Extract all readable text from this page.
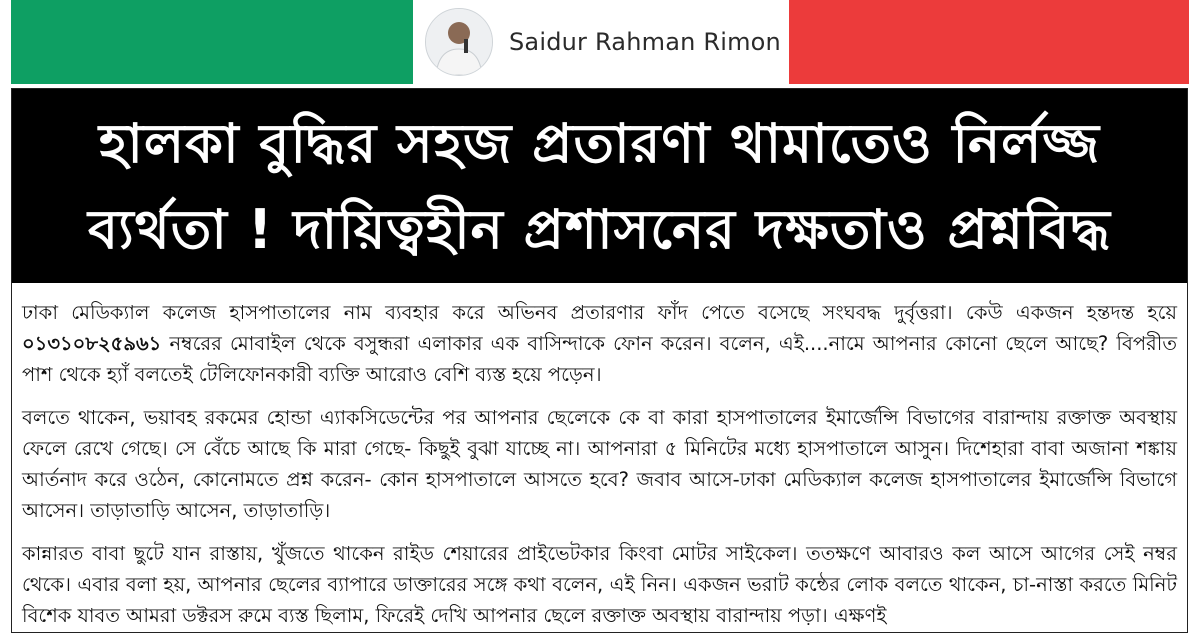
Saidur Rahman Rimon
হালকা বুদ্ধির সহজ প্রতারণা থামাতেও নির্লজ্জ
ব্যর্থতা ! দায়িত্বহীন প্রশাসনের দক্ষতাও প্রশ্নবিদ্ধ

ঢাকা মেডিক্যাল কলেজ হাসপাতালের নাম ব্যবহার করে অভিনব প্রতারণার ফাঁদ পেতে বসেছে সংঘবদ্ধ দুর্বৃত্তরা। কেউ একজন হন্তদন্ত হয়ে ০১৩১০৮২৫৯৬১ নম্বরের মোবাইল থেকে বসুন্ধরা এলাকার এক বাসিন্দাকে ফোন করেন। বলেন, এই....নামে আপনার কোনো ছেলে আছে? বিপরীত পাশ থেকে হ্যাঁ বলতেই টেলিফোনকারী ব্যক্তি আরোও বেশি ব্যস্ত হয়ে পড়েন।

বলতে থাকেন, ভয়াবহ রকমের হোন্ডা এ্যাকসিডেন্টের পর আপনার ছেলেকে কে বা কারা হাসপাতালের ইমার্জেন্সি বিভাগের বারান্দায় রক্তাক্ত অবস্থায় ফেলে রেখে গেছে। সে বেঁচে আছে কি মারা গেছে- কিছুই বুঝা যাচ্ছে না। আপনারা ৫ মিনিটের মধ্যে হাসপাতালে আসুন। দিশেহারা বাবা অজানা শঙ্কায় আর্তনাদ করে ওঠেন, কোনোমতে প্রশ্ন করেন- কোন হাসপাতালে আসতে হবে? জবাব আসে-ঢাকা মেডিক্যাল কলেজ হাসপাতালের ইমার্জেন্সি বিভাগে আসেন। তাড়াতাড়ি আসেন, তাড়াতাড়ি।

কান্নারত বাবা ছুটে যান রাস্তায়, খুঁজতে থাকেন রাইড শেয়ারের প্রাইভেটকার কিংবা মোটর সাইকেল। ততক্ষণে আবারও কল আসে আগের সেই নম্বর থেকে। এবার বলা হয়, আপনার ছেলের ব্যাপারে ডাক্তারের সঙ্গে কথা বলেন, এই নিন। একজন ভরাট কন্ঠের লোক বলতে থাকেন, চা-নাস্তা করতে মিনিট বিশেক যাবত আমরা ডক্টরস রুমে ব্যস্ত ছিলাম, ফিরেই দেখি আপনার ছেলে রক্তাক্ত অবস্থায় বারান্দায় পড়া। এক্ষণই
